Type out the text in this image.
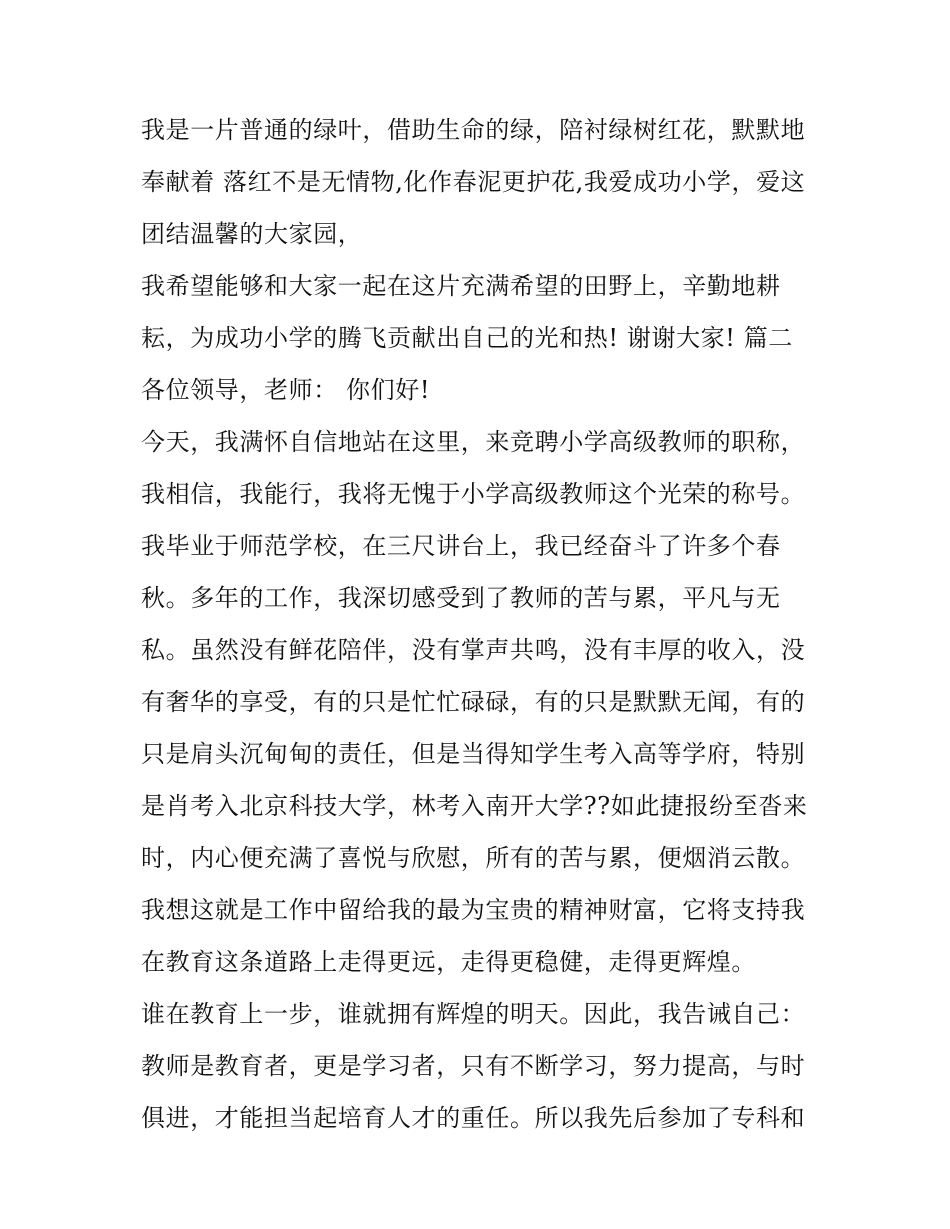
我是一片普通的绿叶，借助生命的绿，陪衬绿树红花，默默地
奉献着 落红不是无情物,化作春泥更护花,我爱成功小学，爱这
团结温馨的大家园，
我希望能够和大家一起在这片充满希望的田野上，辛勤地耕
耘，为成功小学的腾飞贡献出自己的光和热! 谢谢大家! 篇二
各位领导，老师： 你们好!
今天，我满怀自信地站在这里，来竞聘小学高级教师的职称，
我相信，我能行，我将无愧于小学高级教师这个光荣的称号。
我毕业于师范学校，在三尺讲台上，我已经奋斗了许多个春
秋。多年的工作，我深切感受到了教师的苦与累，平凡与无
私。虽然没有鲜花陪伴，没有掌声共鸣，没有丰厚的收入，没
有奢华的享受，有的只是忙忙碌碌，有的只是默默无闻，有的
只是肩头沉甸甸的责任，但是当得知学生考入高等学府，特别
是肖考入北京科技大学，林考入南开大学??如此捷报纷至沓来
时，内心便充满了喜悦与欣慰，所有的苦与累，便烟消云散。
我想这就是工作中留给我的最为宝贵的精神财富，它将支持我
在教育这条道路上走得更远，走得更稳健，走得更辉煌。
谁在教育上一步，谁就拥有辉煌的明天。因此，我告诫自己：
教师是教育者，更是学习者，只有不断学习，努力提高，与时
俱进，才能担当起培育人才的重任。所以我先后参加了专科和
